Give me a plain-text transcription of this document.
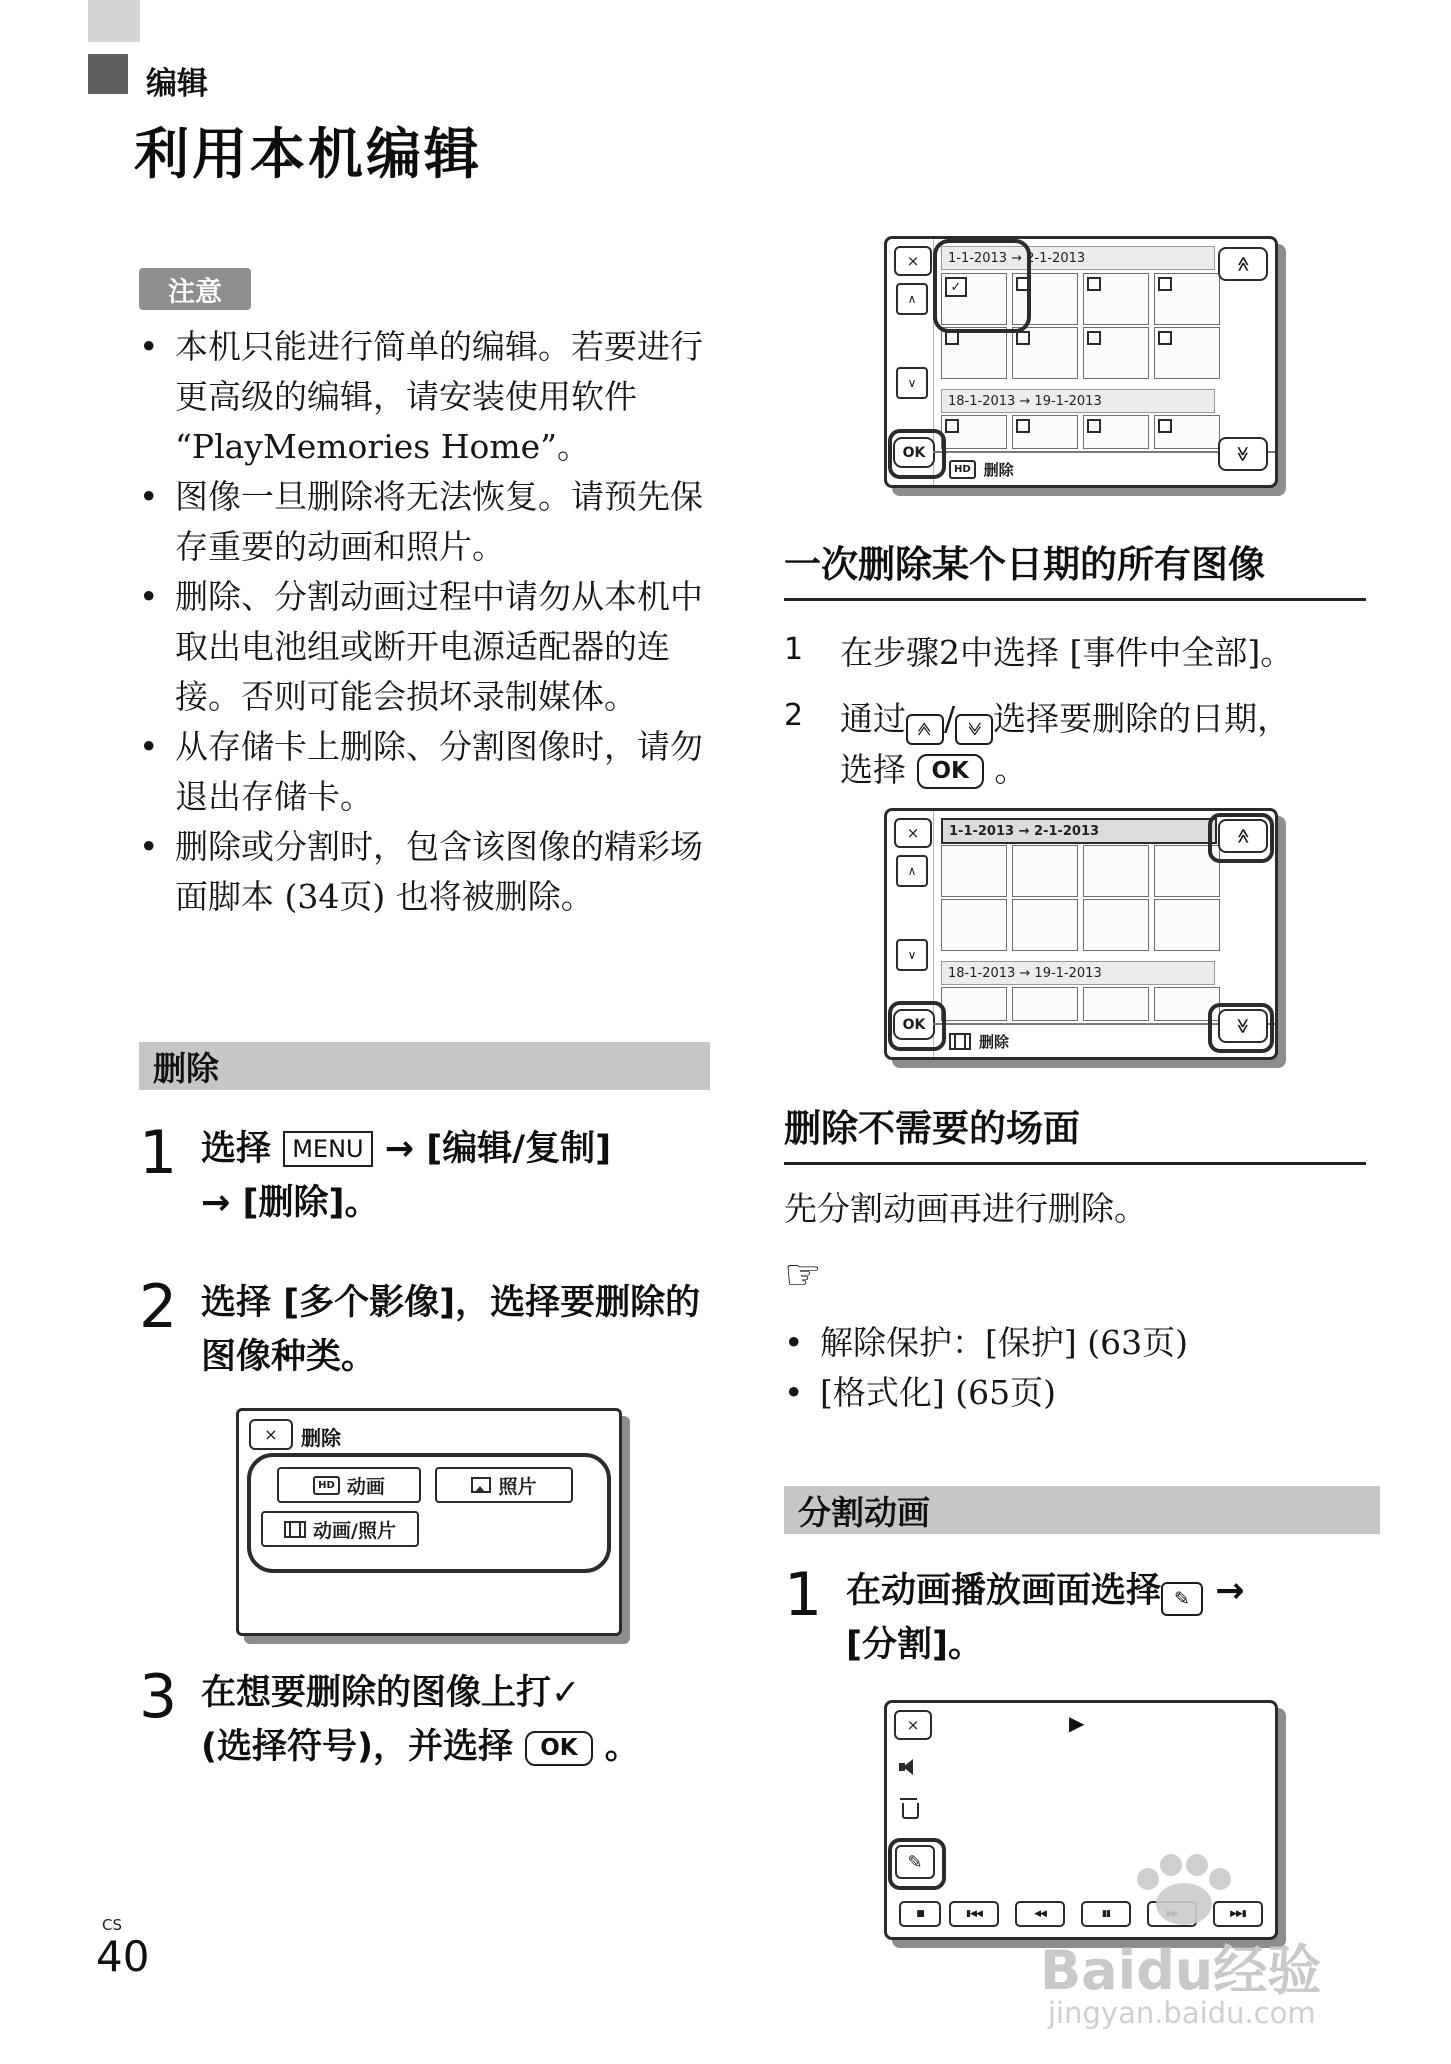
编辑
利用本机编辑
注意
• 本机只能进行简单的编辑。若要进行更高级的编辑，请安装使用软件“PlayMemories Home”。
• 图像一旦删除将无法恢复。请预先保存重要的动画和照片。
• 删除、分割动画过程中请勿从本机中取出电池组或断开电源适配器的连接。否则可能会损坏录制媒体。
• 从存储卡上删除、分割图像时，请勿退出存储卡。
• 删除或分割时，包含该图像的精彩场面脚本 (34页) 也将被删除。
删除
1 选择 MENU → [编辑/复制]
→ [删除]。
2 选择 [多个影像]，选择要删除的图像种类。
× 删除
HD 动画	照片
动画/照片
3 在想要删除的图像上打✓
(选择符号)，并选择 OK 。
×
∧
∨
OK
1-1-2013 → 2-1-2013
✓
18-1-2013 → 19-1-2013
HD 删除
≫
≫
一次删除某个日期的所有图像
1	在步骤2中选择 [事件中全部]。
2	通过 ≫ / ≫ 选择要删除的日期，
选择 OK 。
×
∧
∨
OK
1-1-2013 → 2-1-2013
18-1-2013 → 19-1-2013
删除
≫
≫
删除不需要的场面
先分割动画再进行删除。
☞
• 解除保护：[保护] (63页)
• [格式化] (65页)
分割动画
1 在动画播放画面选择 ✎ →
[分割]。
×	▶
✎
■	▮◀◀	◀◀	▮▮	▶▶▮
CS
40	Baidu经验
jingyan.baidu.com
